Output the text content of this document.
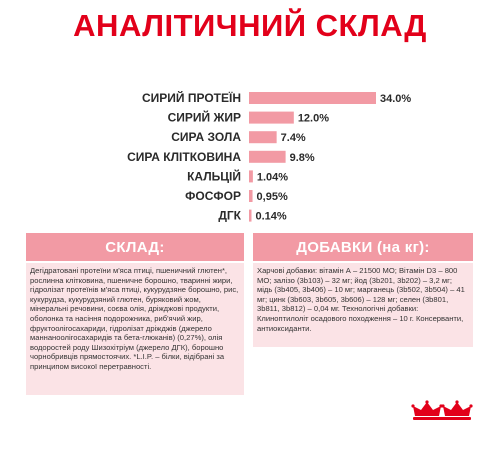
АНАЛІТИЧНИЙ СКЛАД
СИРИЙ ПРОТЕЇН	34.0%
СИРИЙ ЖИР	12.0%
СИРА ЗОЛА	7.4%
СИРА КЛІТКОВИНА	9.8%
КАЛЬЦІЙ 1.04%
ФОСФОР 0,95%
ДГК 0.14%
СКЛАД:
Дегідратовані протеїни м'яса птиці, пшеничний глютен*, рослинна клітковина, пшеничне борошно, тваринні жири, гідролізат протеїнів м'яса птиці, кукурудзяне борошно, рис, кукурудза, кукурудзяний глютен, буряковий жом, мінеральні речовини, соєва олія, дріжджові продукти, оболонка та насіння подорожника, риб'ячий жир, фруктоолігосахариди, гідролізат дріжджів (джерело маннаноолігосахаридів та бета-глюканів) (0,27%), олія водоростей роду Шизохітріум (джерело ДГК), борошно чорнобривців прямостоячих. *L.I.P. – білки, відібрані за принципом високої перетравності.
ДОБАВКИ (на кг):
Харчові добавки: вітамін А – 21500 МО; Вітамін D3 – 800 МО; залізо (3b103) – 32 мг; йод (3b201, 3b202) – 3,2 мг; мідь (3b405, 3b406) – 10 мг; марганець (3b502, 3b504) – 41 мг; цинк (3b603, 3b605, 3b606) – 128 мг; селен (3b801, 3b811, 3b812) – 0,04 мг. Технологічні добавки: Клиноптилоліт осадового походження – 10 г. Консерванти, антиоксиданти.
